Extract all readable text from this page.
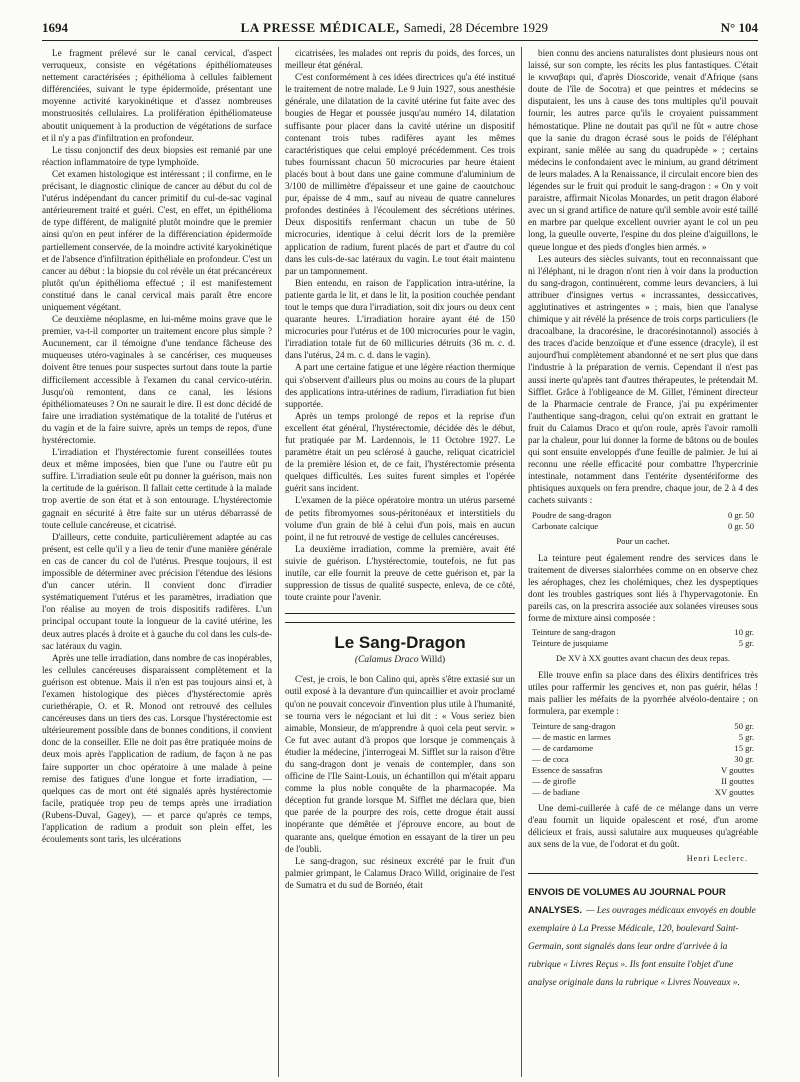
1694	LA PRESSE MÉDICALE, Samedi, 28 Décembre 1929	N° 104

Le fragment prélevé sur le canal cervical, d'aspect verruqueux, consiste en végétations épithéliomateuses nettement caractérisées ; épithélioma à cellules faiblement différenciées, suivant le type épidermoïde, présentant une moyenne activité karyokinétique et d'assez nombreuses monstruosités cellulaires. La prolifération épithéliomateuse aboutit uniquement à la production de végétations de surface et il n'y a pas d'infiltration en profondeur.

Le tissu conjonctif des deux biopsies est remanié par une réaction inflammatoire de type lymphoïde.

Cet examen histologique est intéressant ; il confirme, en le précisant, le diagnostic clinique de cancer au début du col de l'utérus indépendant du cancer primitif du cul-de-sac vaginal antérieurement traité et guéri. C'est, en effet, un épithélioma de type différent, de malignité plutôt moindre que le premier ainsi qu'on en peut inférer de la différenciation épidermoïde partiellement conservée, de la moindre activité karyokinétique et de l'absence d'infiltration épithéliale en profondeur. C'est un cancer au début : la biopsie du col révèle un état précancéreux plutôt qu'un épithélioma effectué ; il est manifestement constitué dans le canal cervical mais paraît être encore uniquement végétant.

Ce deuxième néoplasme, en lui-même moins grave que le premier, va-t-il comporter un traitement encore plus simple ? Aucunement, car il témoigne d'une tendance fâcheuse des muqueuses utéro-vaginales à se cancériser, ces muqueuses doivent être tenues pour suspectes surtout dans toute la partie difficilement accessible à l'examen du canal cervico-utérin. Jusqu'où remontent, dans ce canal, les lésions épithéliomateuses ? On ne saurait le dire. Il est donc décidé de faire une irradiation systématique de la totalité de l'utérus et du vagin et de la faire suivre, après un temps de repos, d'une hystérectomie.

L'irradiation et l'hystérectomie furent conseillées toutes deux et même imposées, bien que l'une ou l'autre eût pu suffire. L'irradiation seule eût pu donner la guérison, mais non la certitude de la guérison. Il fallait cette certitude à la malade trop avertie de son état et à son entourage. L'hystérectomie gagnait en sécurité à être faite sur un utérus débarrassé de toute cellule cancéreuse, et cicatrisé.

D'ailleurs, cette conduite, particulièrement adaptée au cas présent, est celle qu'il y a lieu de tenir d'une manière générale en cas de cancer du col de l'utérus. Presque toujours, il est impossible de déterminer avec précision l'étendue des lésions d'un cancer utérin. Il convient donc d'irradier systématiquement l'utérus et les paramètres, irradiation que l'on réalise au moyen de trois dispositifs radifères. L'un principal occupant toute la longueur de la cavité utérine, les deux autres placés à droite et à gauche du col dans les culs-de-sac latéraux du vagin.

Après une telle irradiation, dans nombre de cas inopérables, les cellules cancéreuses disparaissent complètement et la guérison est obtenue. Mais il n'en est pas toujours ainsi et, à l'examen histologique des pièces d'hystérectomie après curiethérapie, O. et R. Monod ont retrouvé des cellules cancéreuses dans un tiers des cas. Lorsque l'hystérectomie est ultérieurement possible dans de bonnes conditions, il convient donc de la conseiller. Elle ne doit pas être pratiquée moins de deux mois après l'application de radium, de façon à ne pas faire supporter un choc opératoire à une malade à peine remise des fatigues d'une longue et forte irradiation, — quelques cas de mort ont été signalés après hystérectomie facile, pratiquée trop peu de temps après une irradiation (Rubens-Duval, Gagey), — et parce qu'après ce temps, l'application de radium a produit son plein effet, les écoulements sont taris, les ulcérations

cicatrisées, les malades ont repris du poids, des forces, un meilleur état général.

C'est conformément à ces idées directrices qu'a été institué le traitement de notre malade. Le 9 Juin 1927, sous anesthésie générale, une dilatation de la cavité utérine fut faite avec des bougies de Hegar et poussée jusqu'au numéro 14, dilatation suffisante pour placer dans la cavité utérine un dispositif contenant trois tubes radifères ayant les mêmes caractéristiques que celui employé précédemment. Ces trois tubes fournissant chacun 50 microcuries par heure étaient placés bout à bout dans une gaine commune d'aluminium de 3/100 de millimètre d'épaisseur et une gaine de caoutchouc pur, épaisse de 4 mm., sauf au niveau de quatre cannelures profondes destinées à l'écoulement des sécrétions utérines. Deux dispositifs renfermant chacun un tube de 50 microcuries, identique à celui décrit lors de la première application de radium, furent placés de part et d'autre du col dans les culs-de-sac latéraux du vagin. Le tout était maintenu par un tamponnement.

Bien entendu, en raison de l'application intra-utérine, la patiente garda le lit, et dans le lit, la position couchée pendant tout le temps que dura l'irradiation, soit dix jours ou deux cent quarante heures. L'irradiation horaire ayant été de 150 microcuries pour l'utérus et de 100 microcuries pour le vagin, l'irradiation totale fut de 60 millicuries détruits (36 m. c. d. dans l'utérus, 24 m. c. d. dans le vagin).

A part une certaine fatigue et une légère réaction thermique qui s'observent d'ailleurs plus ou moins au cours de la plupart des applications intra-utérines de radium, l'irradiation fut bien supportée.

Après un temps prolongé de repos et la reprise d'un excellent état général, l'hystérectomie, décidée dès le début, fut pratiquée par M. Lardennois, le 11 Octobre 1927. Le paramètre était un peu sclérosé à gauche, reliquat cicatriciel de la première lésion et, de ce fait, l'hystérectomie présenta quelques difficultés. Les suites furent simples et l'opérée guérit sans incident.

L'examen de la pièce opératoire montra un utérus parsemé de petits fibromyomes sous-péritonéaux et interstitiels du volume d'un grain de blé à celui d'un pois, mais en aucun point, il ne fut retrouvé de vestige de cellules cancéreuses.

La deuxième irradiation, comme la première, avait été suivie de guérison. L'hystérectomie, toutefois, ne fut pas inutile, car elle fournit la preuve de cette guérison et, par la suppression de tissus de qualité suspecte, enleva, de ce côté, toute crainte pour l'avenir.

Le Sang-Dragon
(Calamus Draco Willd)

C'est, je crois, le bon Calino qui, après s'être extasié sur un outil exposé à la devanture d'un quincaillier et avoir proclamé qu'on ne pouvait concevoir d'invention plus utile à l'humanité, se tourna vers le négociant et lui dit : « Vous seriez bien aimable, Monsieur, de m'apprendre à quoi cela peut servir. » Ce fut avec autant d'à propos que lorsque je commençais à étudier la médecine, j'interrogeai M. Sifflet sur la raison d'être du sang-dragon dont je venais de contempler, dans son officine de l'Ile Saint-Louis, un échantillon qui m'était apparu comme la plus noble conquête de la pharmacopée. Ma déception fut grande lorsque M. Sifflet me déclara que, bien que parée de la pourpre des rois, cette drogue était aussi inopérante que démêtée et j'éprouve encore, au bout de quarante ans, quelque émotion en essayant de la tirer un peu de l'oubli.

Le sang-dragon, suc résineux excrété par le fruit d'un palmier grimpant, le Calamus Draco Willd, originaire de l'est de Sumatra et du sud de Bornéo, était

bien connu des anciens naturalistes dont plusieurs nous ont laissé, sur son compte, les récits les plus fantastiques. C'était le κινναβαρι qui, d'après Dioscoride, venait d'Afrique (sans doute de l'île de Socotra) et que peintres et médecins se disputaient, les uns à cause des tons multiples qu'il pouvait fournir, les autres parce qu'ils le croyaient puissamment hémostatique. Pline ne doutait pas qu'il ne fût « autre chose que la sanie du dragon écrasé sous le poids de l'éléphant expirant, sanie mêlée au sang du quadrupède » ; certains médecins le confondaient avec le minium, au grand détriment de leurs malades. A la Renaissance, il circulait encore bien des légendes sur le fruit qui produit le sang-dragon : « On y voit paraistre, affirmait Nicolas Monardes, un petit dragon élaboré avec un si grand artifice de nature qu'il semble avoir esté taillé en marbre par quelque excellent ouvrier ayant le col un peu long, la gueulle ouverte, l'espine du dos pleine d'aiguillons, le queue longue et des pieds d'ongles bien armés. »

Les auteurs des siècles suivants, tout en reconnaissant que ni l'éléphant, ni le dragon n'ont rien à voir dans la production du sang-dragon, continuèrent, comme leurs devanciers, à lui attribuer d'insignes vertus « incrassantes, dessiccatives, agglutinatives et astringentes » ; mais, bien que l'analyse chimique y ait révélé la présence de trois corps particuliers (le dracoalbane, la dracorésine, le dracorésinotannol) associés à des traces d'acide benzoïque et d'une essence (dracyle), il est aujourd'hui complètement abandonné et ne sert plus que dans l'industrie à la préparation de vernis. Cependant il n'est pas aussi inerte qu'après tant d'autres thérapeutes, le prétendait M. Sifflet. Grâce à l'obligeance de M. Gillet, l'éminent directeur de la Pharmacie centrale de France, j'ai pu expérimenter l'authentique sang-dragon, celui qu'on extrait en grattant le fruit du Calamus Draco et qu'on roule, après l'avoir ramolli par la chaleur, pour lui donner la forme de bâtons ou de boules qui sont ensuite enveloppés d'une feuille de palmier. Je lui ai reconnu une réelle efficacité pour combattre l'hypercrinie intestinale, notamment dans l'entérite dysentériforme des phtisiques auxquels on fera prendre, chaque jour, de 2 à 4 des cachets suivants :

Poudre de sang-dragon	0 gr. 50
Carbonate calcique	0 gr. 50
Pour un cachet.

La teinture peut également rendre des services dans le traitement de diverses sialorrhées comme on en observe chez les aérophages, chez les cholémiques, chez les dyspeptiques dont les troubles gastriques sont liés à l'hypervagotonie. En pareils cas, on la prescrira associée aux solanées vireuses sous forme de mixture ainsi composée :

Teinture de sang-dragon	10 gr.
Teinture de jusquiame	5 gr.
De XV à XX gouttes avant chacun des deux repas.

Elle trouve enfin sa place dans des élixirs dentifrices très utiles pour raffermir les gencives et, non pas guérir, hélas ! mais pallier les méfaits de la pyorrhée alvéolo-dentaire ; on formulera, par exemple :

Teinture de sang-dragon	50 gr.
— de mastic en larmes	5 gr.
— de cardamome	15 gr.
— de coca	30 gr.
Essence de sassafras	V gouttes
— de girofle	II gouttes
— de badiane	XV gouttes

Une demi-cuillerée à café de ce mélange dans un verre d'eau fournit un liquide opalescent et rosé, d'un arome délicieux et frais, aussi salutaire aux muqueuses qu'agréable aux sens de la vue, de l'odorat et du goût.

Henri Leclerc.
ENVOIS DE VOLUMES AU JOURNAL POUR ANALYSES. — Les ouvrages médicaux envoyés en double exemplaire à La Presse Médicale, 120, boulevard Saint-Germain, sont signalés dans leur ordre d'arrivée à la rubrique « Livres Reçus ». Ils font ensuite l'objet d'une analyse originale dans la rubrique « Livres Nouveaux ».
